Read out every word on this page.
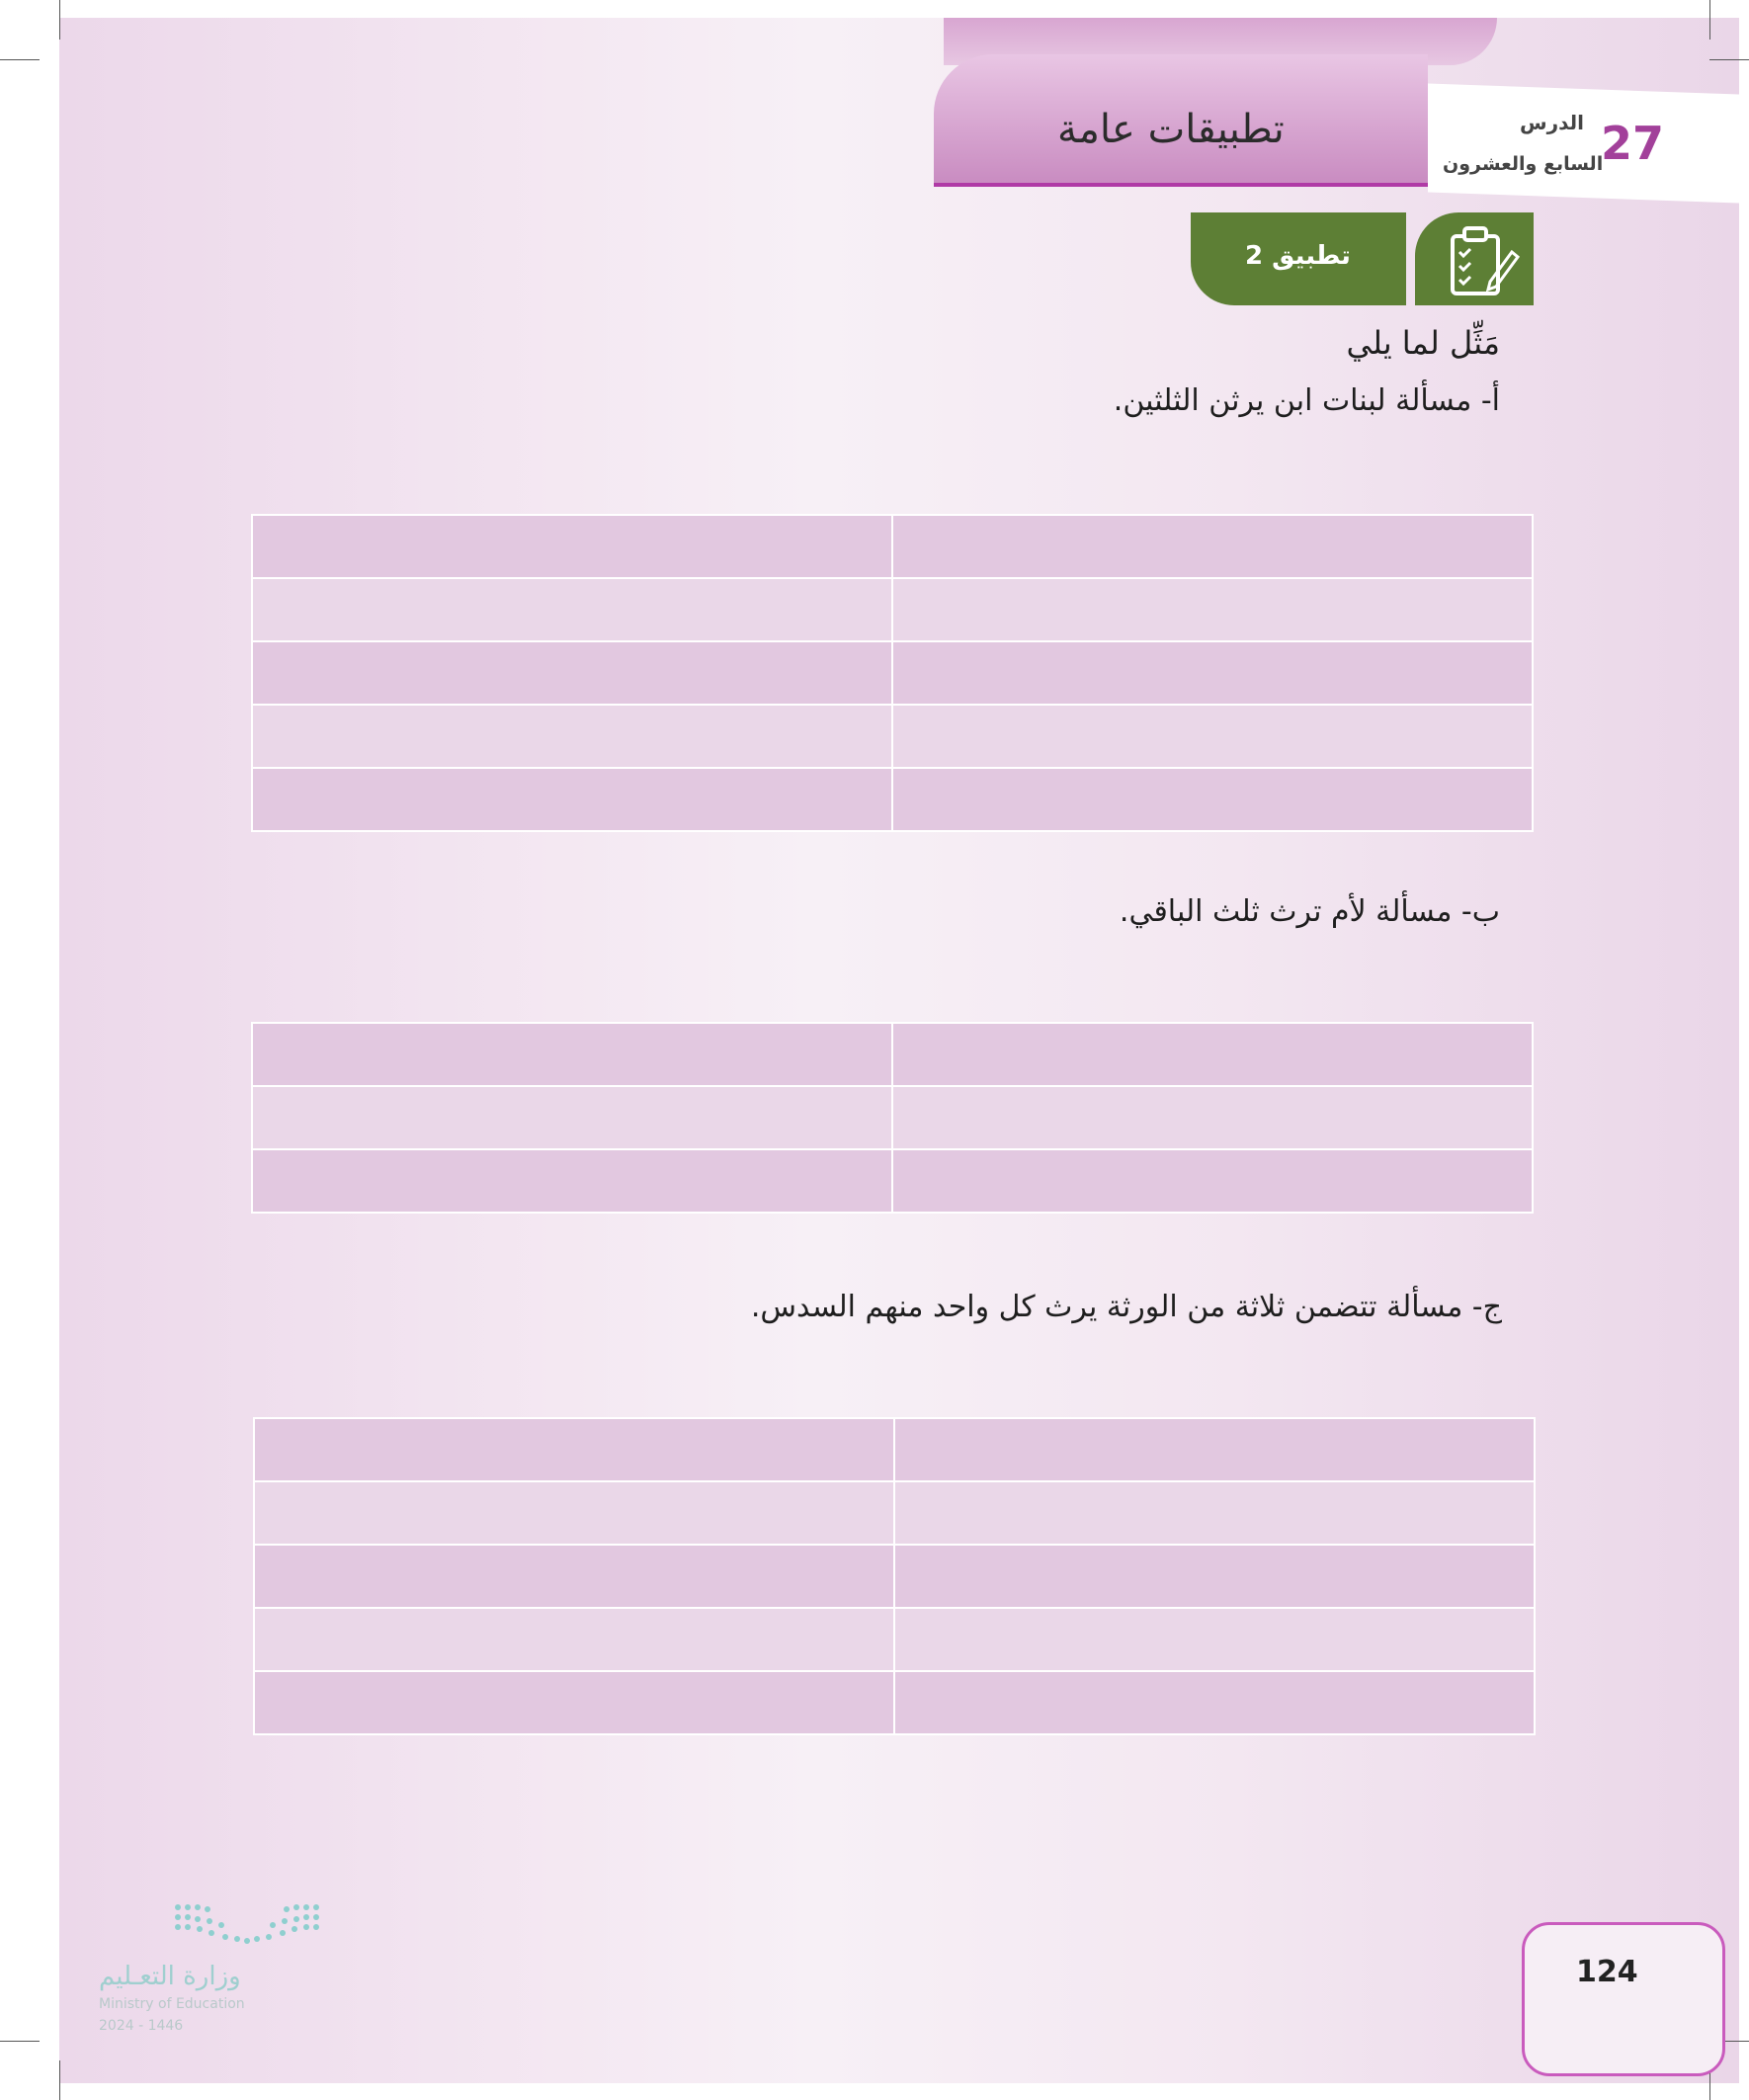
تطبيقات عامة	27
الدرس
السابع والعشرون
تطبيق 2
مَثِّل لما يلي
أ- مسألة لبنات ابن يرثن الثلثين.

ب- مسألة لأم ترث ثلث الباقي.

ج- مسألة تتضمن ثلاثة من الورثة يرث كل واحد منهم السدس.

وزارة التعـليم
Ministry of Education
2024 - 1446
124
